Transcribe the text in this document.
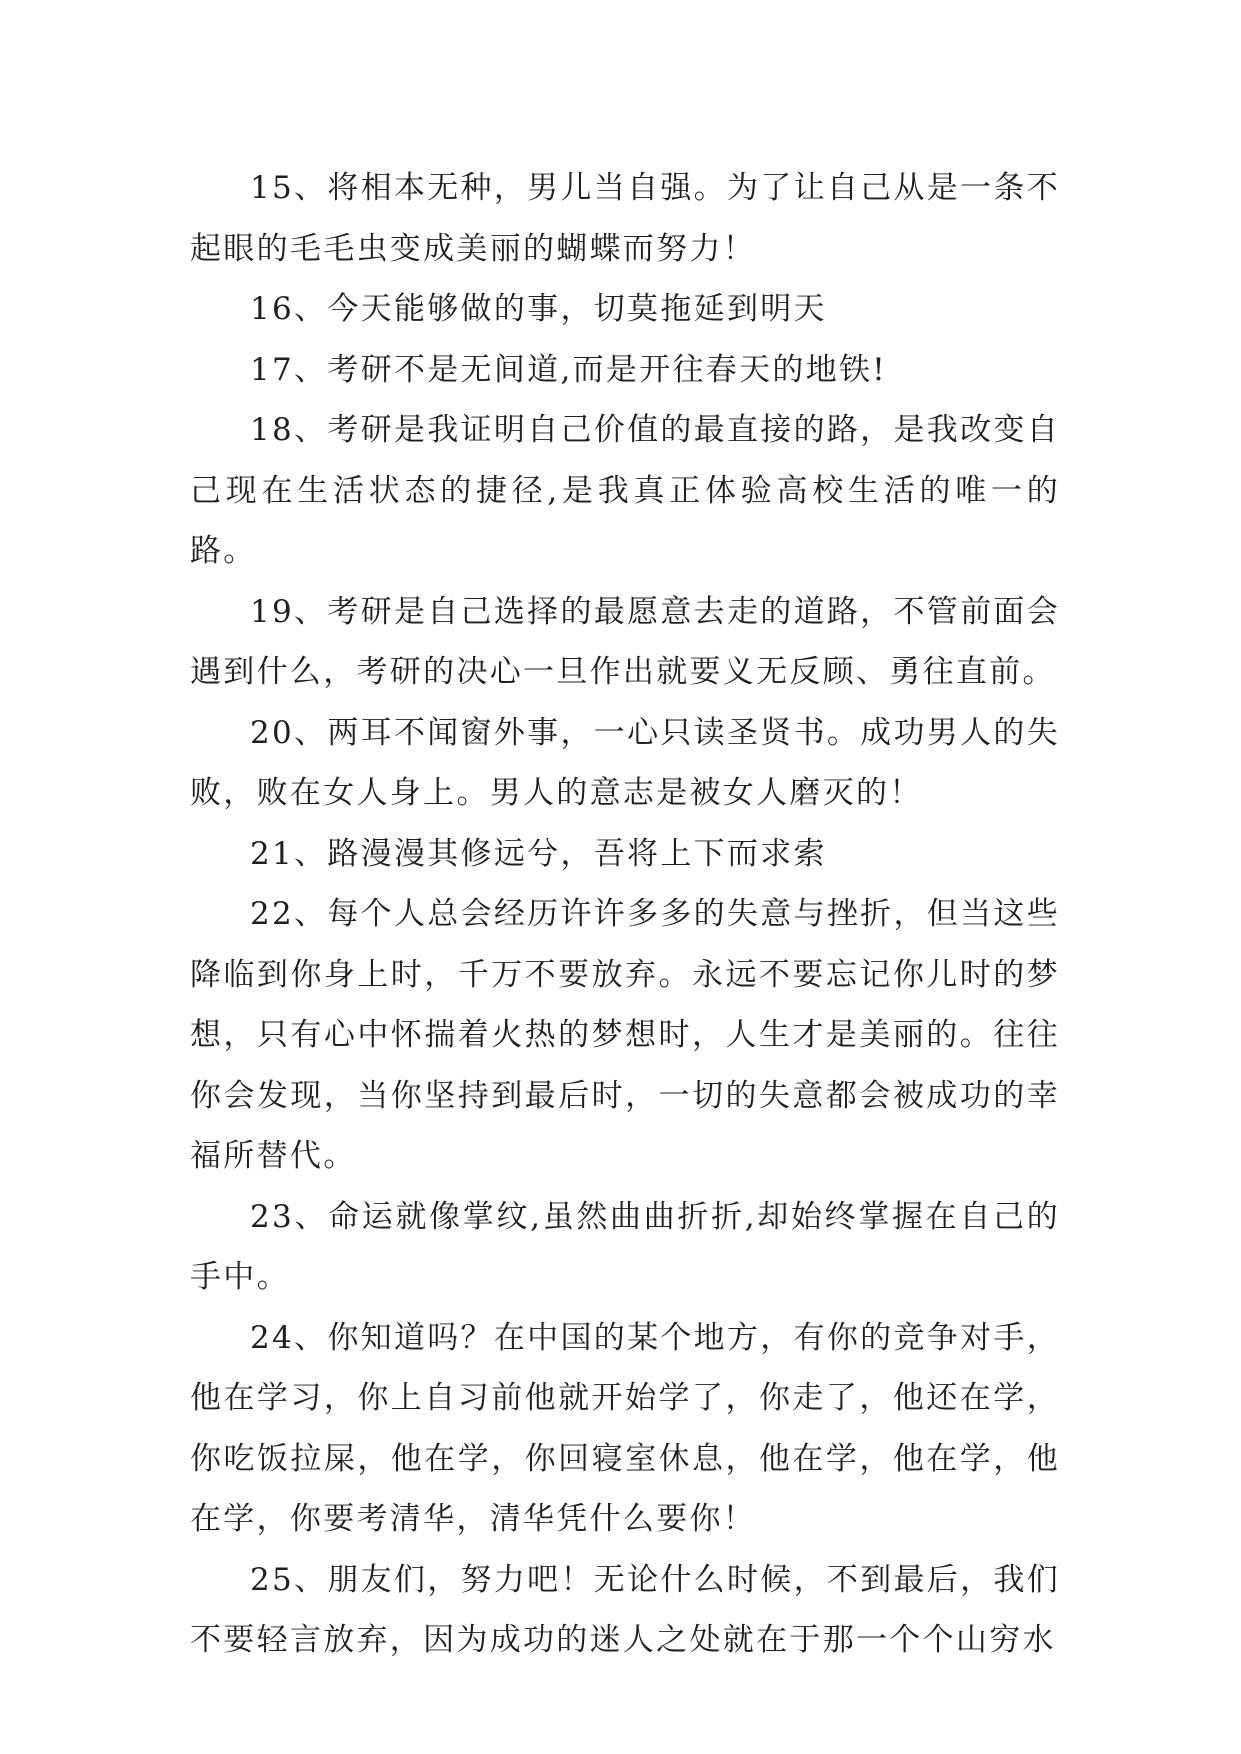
15、将相本无种，男儿当自强。为了让自己从是一条不起眼的毛毛虫变成美丽的蝴蝶而努力！

16、今天能够做的事，切莫拖延到明天

17、考研不是无间道,而是开往春天的地铁!

18、考研是我证明自己价值的最直接的路，是我改变自己现在生活状态的捷径,是我真正体验高校生活的唯一的路。

19、考研是自己选择的最愿意去走的道路，不管前面会遇到什么，考研的决心一旦作出就要义无反顾、勇往直前。

20、两耳不闻窗外事，一心只读圣贤书。成功男人的失败，败在女人身上。男人的意志是被女人磨灭的！

21、路漫漫其修远兮，吾将上下而求索

22、每个人总会经历许许多多的失意与挫折，但当这些降临到你身上时，千万不要放弃。永远不要忘记你儿时的梦想，只有心中怀揣着火热的梦想时，人生才是美丽的。往往你会发现，当你坚持到最后时，一切的失意都会被成功的幸福所替代。

23、命运就像掌纹,虽然曲曲折折,却始终掌握在自己的手中。

24、你知道吗？在中国的某个地方，有你的竞争对手，他在学习，你上自习前他就开始学了，你走了，他还在学，你吃饭拉屎，他在学，你回寝室休息，他在学，他在学，他在学，你要考清华，清华凭什么要你！

25、朋友们，努力吧！无论什么时候，不到最后，我们不要轻言放弃，因为成功的迷人之处就在于那一个个山穷水
